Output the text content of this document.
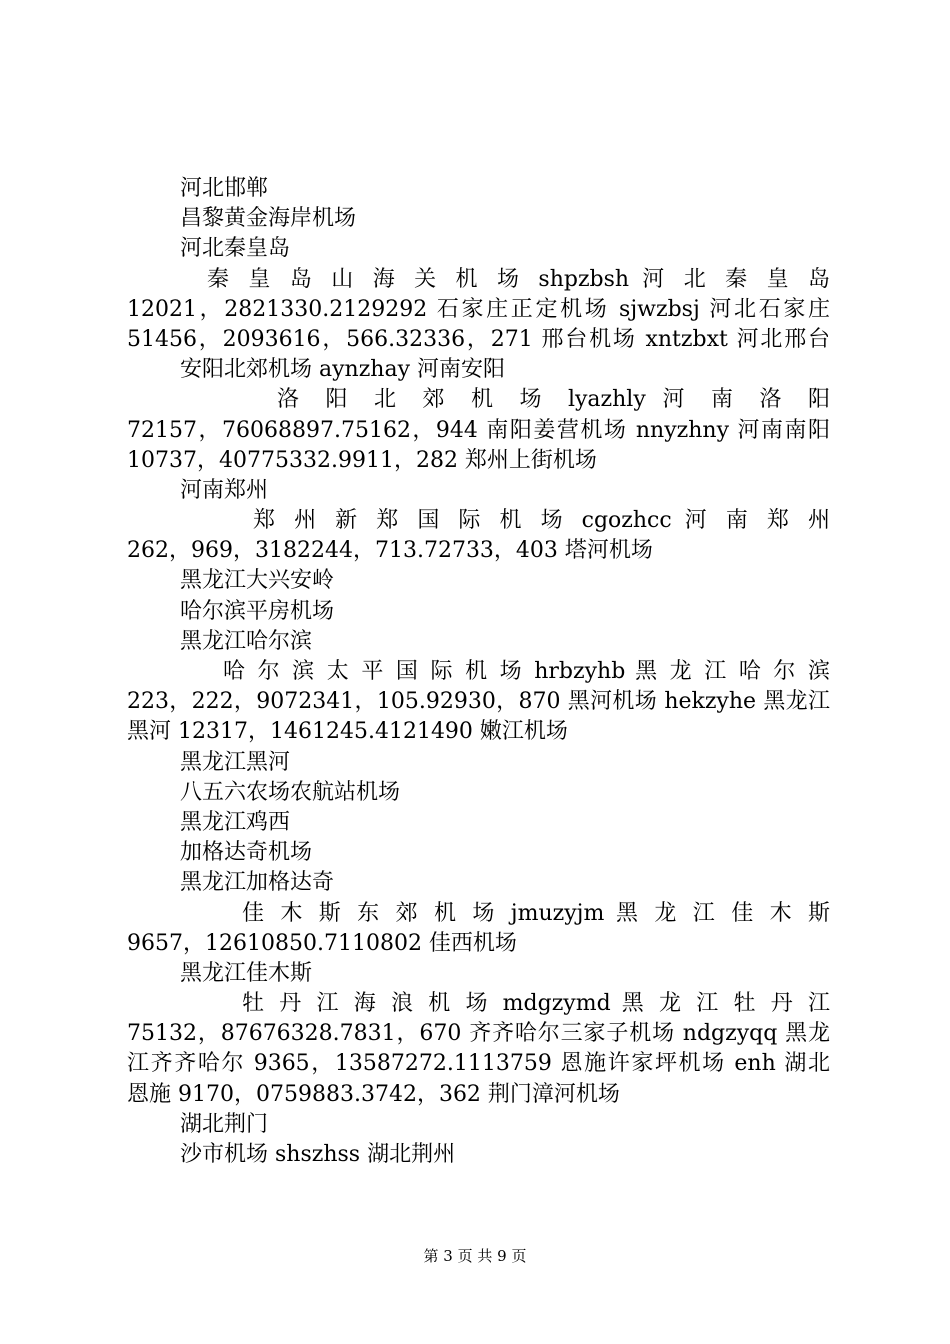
河北邯郸
昌黎黄金海岸机场
河北秦皇岛
秦 皇 岛 山 海 关 机 场 shpzbsh 河 北 秦 皇 岛
12021，2821330.2129292 石家庄正定机场 sjwzbsj 河北石家庄
51456，2093616，566.32336，271 邢台机场 xntzbxt 河北邢台
安阳北郊机场 aynzhay 河南安阳
洛 阳 北 郊 机 场 lyazhly 河 南 洛 阳
72157，76068897.75162，944 南阳姜营机场 nnyzhny 河南南阳
10737，40775332.9911，282 郑州上街机场
河南郑州
郑 州 新 郑 国 际 机 场 cgozhcc 河 南 郑 州
262，969，3182244，713.72733，403 塔河机场
黑龙江大兴安岭
哈尔滨平房机场
黑龙江哈尔滨
哈 尔 滨 太 平 国 际 机 场 hrbzyhb 黑 龙 江 哈 尔 滨
223，222，9072341，105.92930，870 黑河机场 hekzyhe 黑龙江
黑河 12317，1461245.4121490 嫩江机场
黑龙江黑河
八五六农场农航站机场
黑龙江鸡西
加格达奇机场
黑龙江加格达奇
佳 木 斯 东 郊 机 场 jmuzyjm 黑 龙 江 佳 木 斯
9657，12610850.7110802 佳西机场
黑龙江佳木斯
牡 丹 江 海 浪 机 场 mdgzymd 黑 龙 江 牡 丹 江
75132，87676328.7831，670 齐齐哈尔三家子机场 ndgzyqq 黑龙
江齐齐哈尔 9365，13587272.1113759 恩施许家坪机场 enh 湖北
恩施 9170，0759883.3742，362 荆门漳河机场
湖北荆门
沙市机场 shszhss 湖北荆州
第 3 页 共 9 页
